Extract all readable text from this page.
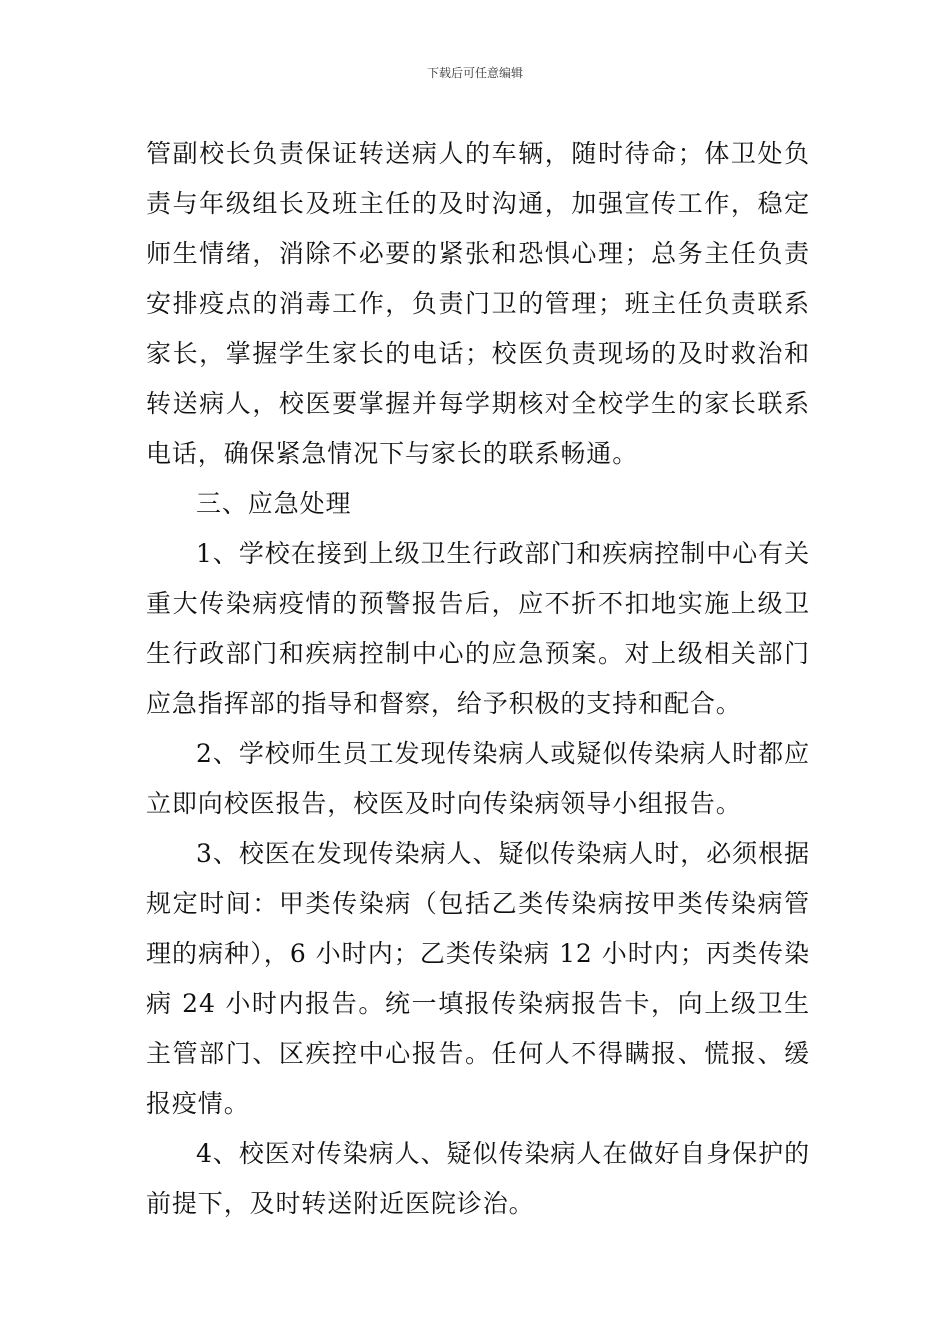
下载后可任意编辑

管副校长负责保证转送病人的车辆，随时待命；体卫处负责与年级组长及班主任的及时沟通，加强宣传工作，稳定师生情绪，消除不必要的紧张和恐惧心理；总务主任负责安排疫点的消毒工作，负责门卫的管理；班主任负责联系家长，掌握学生家长的电话；校医负责现场的及时救治和转送病人，校医要掌握并每学期核对全校学生的家长联系电话，确保紧急情况下与家长的联系畅通。

三、应急处理

1、学校在接到上级卫生行政部门和疾病控制中心有关重大传染病疫情的预警报告后，应不折不扣地实施上级卫生行政部门和疾病控制中心的应急预案。对上级相关部门应急指挥部的指导和督察，给予积极的支持和配合。

2、学校师生员工发现传染病人或疑似传染病人时都应立即向校医报告，校医及时向传染病领导小组报告。

3、校医在发现传染病人、疑似传染病人时，必须根据规定时间：甲类传染病（包括乙类传染病按甲类传染病管理的病种），6 小时内；乙类传染病 12 小时内；丙类传染病 24 小时内报告。统一填报传染病报告卡，向上级卫生主管部门、区疾控中心报告。任何人不得瞒报、慌报、缓报疫情。

4、校医对传染病人、疑似传染病人在做好自身保护的前提下，及时转送附近医院诊治。
